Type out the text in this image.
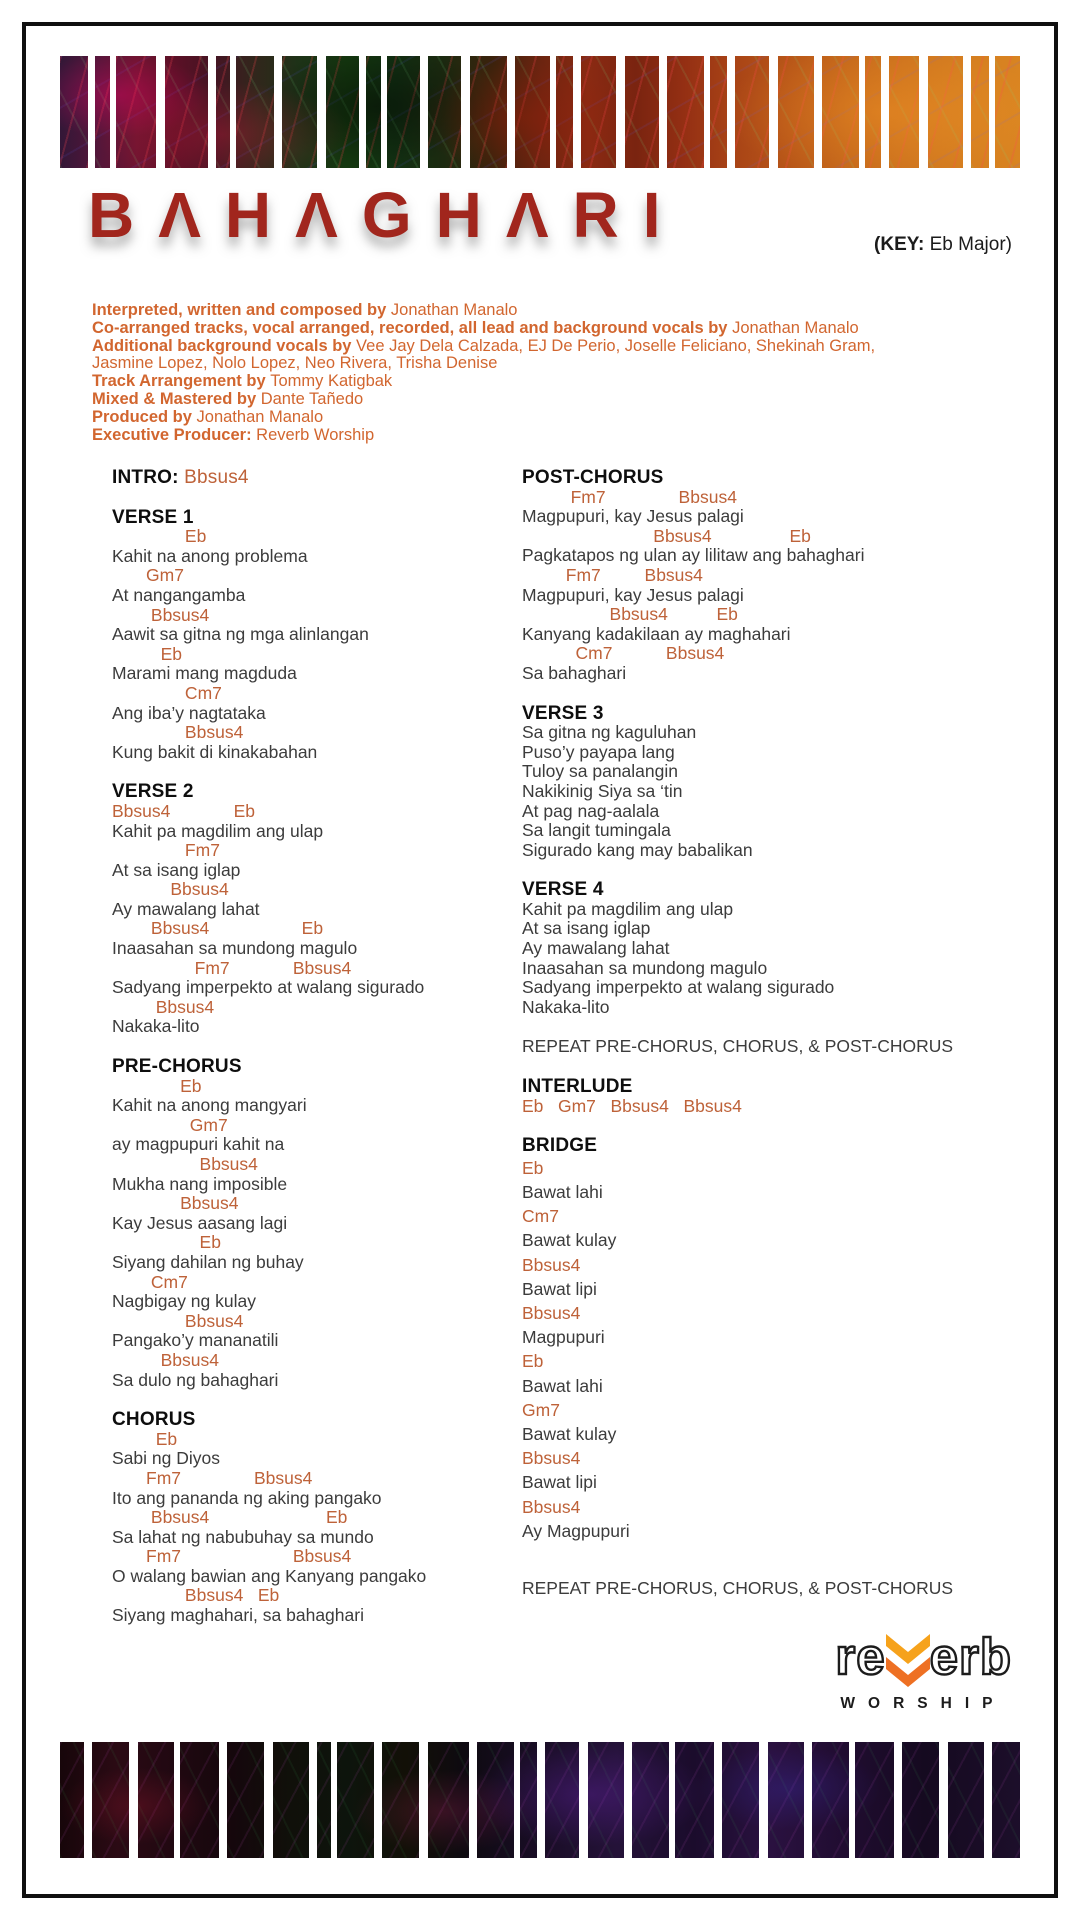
BΛHΛGHΛRI	(KEY: Eb Major)
Interpreted, written and composed by Jonathan Manalo
Co-arranged tracks, vocal arranged, recorded, all lead and background vocals by Jonathan Manalo
Additional background vocals by Vee Jay Dela Calzada, EJ De Perio, Joselle Feliciano, Shekinah Gram, Jasmine Lopez, Nolo Lopez, Neo Rivera, Trisha Denise
Track Arrangement by Tommy Katigbak
Mixed & Mastered by Dante Tañedo
Produced by Jonathan Manalo
Executive Producer: Reverb Worship
INTRO: Bbsus4
VERSE 1
Eb
Kahit na anong problema
Gm7
At nangangamba
Bbsus4
Aawit sa gitna ng mga alinlangan
Eb
Marami mang magduda
Cm7
Ang iba’y nagtataka
Bbsus4
Kung bakit di kinakabahan
VERSE 2
Bbsus4             Eb
Kahit pa magdilim ang ulap
Fm7
At sa isang iglap
Bbsus4
Ay mawalang lahat
Bbsus4                   Eb
Inaasahan sa mundong magulo
Fm7             Bbsus4
Sadyang imperpekto at walang sigurado
Bbsus4
Nakaka-lito
PRE-CHORUS
Eb
Kahit na anong mangyari
Gm7
ay magpupuri kahit na
Bbsus4
Mukha nang imposible
Bbsus4
Kay Jesus aasang lagi
Eb
Siyang dahilan ng buhay
Cm7
Nagbigay ng kulay
Bbsus4
Pangako’y mananatili
Bbsus4
Sa dulo ng bahaghari
CHORUS
Eb
Sabi ng Diyos
Fm7               Bbsus4
Ito ang pananda ng aking pangako
Bbsus4                        Eb
Sa lahat ng nabubuhay sa mundo
Fm7                       Bbsus4
O walang bawian ang Kanyang pangako
Bbsus4   Eb
Siyang maghahari, sa bahaghari
POST-CHORUS
Fm7               Bbsus4
Magpupuri, kay Jesus palagi
Bbsus4                Eb
Pagkatapos ng ulan ay lilitaw ang bahaghari
Fm7         Bbsus4
Magpupuri, kay Jesus palagi
Bbsus4          Eb
Kanyang kadakilaan ay maghahari
Cm7           Bbsus4
Sa bahaghari
VERSE 3
Sa gitna ng kaguluhan
Puso’y payapa lang
Tuloy sa panalangin
Nakikinig Siya sa ‘tin
At pag nag-aalala
Sa langit tumingala
Sigurado kang may babalikan
VERSE 4
Kahit pa magdilim ang ulap
At sa isang iglap
Ay mawalang lahat
Inaasahan sa mundong magulo
Sadyang imperpekto at walang sigurado
Nakaka-lito
REPEAT PRE-CHORUS, CHORUS, & POST-CHORUS
INTERLUDE
Eb   Gm7   Bbsus4   Bbsus4
BRIDGE
Eb
Bawat lahi
Cm7
Bawat kulay
Bbsus4
Bawat lipi
Bbsus4
Magpupuri
Eb
Bawat lahi
Gm7
Bawat kulay
Bbsus4
Bawat lipi
Bbsus4
Ay Magpupuri
REPEAT PRE-CHORUS, CHORUS, & POST-CHORUS
re erb
WORSHIP
